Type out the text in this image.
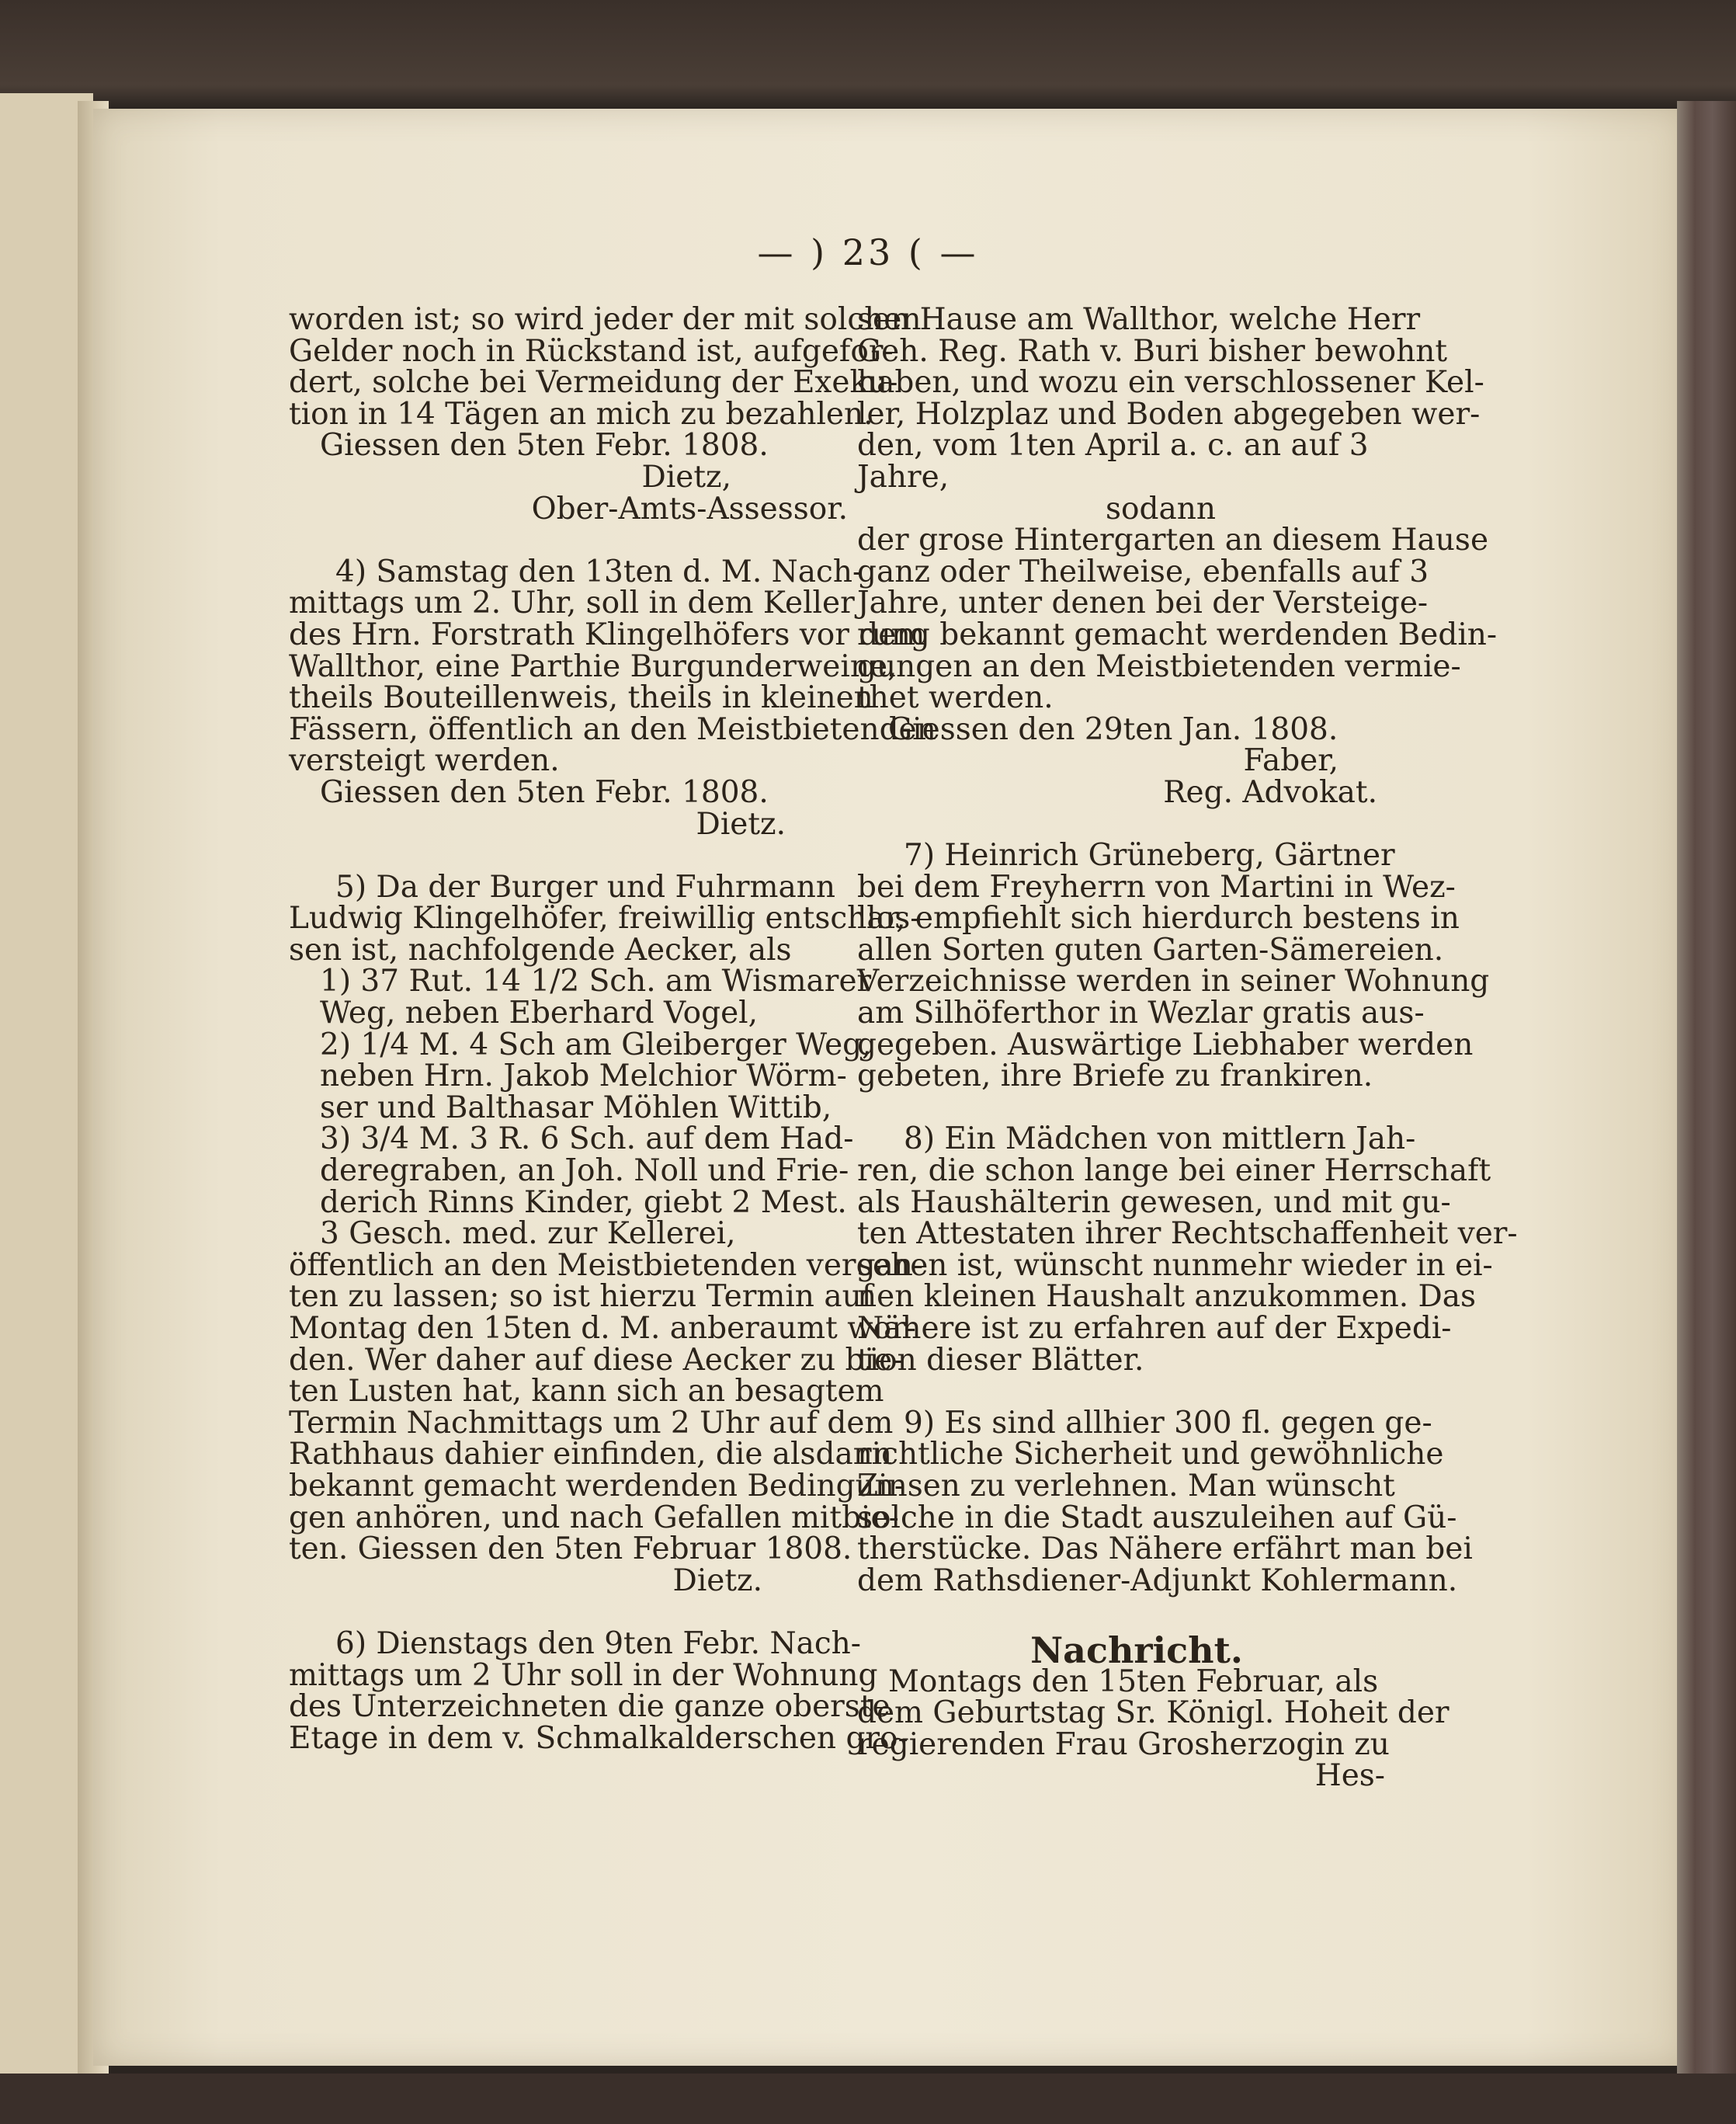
— ) 23 ( —

worden ist; so wird jeder der mit solchen

Gelder noch in Rückstand ist, aufgefor-

dert, solche bei Vermeidung der Exeku-

tion in 14 Tägen an mich zu bezahlen.

Giessen den 5ten Febr. 1808.

Dietz,

Ober-Amts-Assessor.

4) Samstag den 13ten d. M. Nach-

mittags um 2. Uhr, soll in dem Keller

des Hrn. Forstrath Klingelhöfers vor dem

Wallthor, eine Parthie Burgunderweine,

theils Bouteillenweis, theils in kleinen

Fässern, öffentlich an den Meistbietenden

versteigt werden.

Giessen den 5ten Febr. 1808.

Dietz.

5) Da der Burger und Fuhrmann

Ludwig Klingelhöfer, freiwillig entschlos-

sen ist, nachfolgende Aecker, als

1) 37 Rut. 14 1/2 Sch. am Wismarer

Weg, neben Eberhard Vogel,

2) 1/4 M. 4 Sch am Gleiberger Weg,

neben Hrn. Jakob Melchior Wörm-

ser und Balthasar Möhlen Wittib,

3) 3/4 M. 3 R. 6 Sch. auf dem Had-

deregraben, an Joh. Noll und Frie-

derich Rinns Kinder, giebt 2 Mest.

3 Gesch. med. zur Kellerei,

öffentlich an den Meistbietenden vergan-

ten zu lassen; so ist hierzu Termin auf

Montag den 15ten d. M. anberaumt wor-

den. Wer daher auf diese Aecker zu bie-

ten Lusten hat, kann sich an besagtem

Termin Nachmittags um 2 Uhr auf dem

Rathhaus dahier einfinden, die alsdann

bekannt gemacht werdenden Bedingun-

gen anhören, und nach Gefallen mitbie-

ten. Giessen den 5ten Februar 1808.

Dietz.

6) Dienstags den 9ten Febr. Nach-

mittags um 2 Uhr soll in der Wohnung

des Unterzeichneten die ganze oberste

Etage in dem v. Schmalkalderschen gro-

sen Hause am Wallthor, welche Herr

Geh. Reg. Rath v. Buri bisher bewohnt

haben, und wozu ein verschlossener Kel-

ler, Holzplaz und Boden abgegeben wer-

den, vom 1ten April a. c. an auf 3

Jahre,

sodann

der grose Hintergarten an diesem Hause

ganz oder Theilweise, ebenfalls auf 3

Jahre, unter denen bei der Versteige-

rung bekannt gemacht werdenden Bedin-

gungen an den Meistbietenden vermie-

thet werden.

Giessen den 29ten Jan. 1808.

Faber,

Reg. Advokat.

7) Heinrich Grüneberg, Gärtner

bei dem Freyherrn von Martini in Wez-

lar, empfiehlt sich hierdurch bestens in

allen Sorten guten Garten-Sämereien.

Verzeichnisse werden in seiner Wohnung

am Silhöferthor in Wezlar gratis aus-

gegeben. Auswärtige Liebhaber werden

gebeten, ihre Briefe zu frankiren.

8) Ein Mädchen von mittlern Jah-

ren, die schon lange bei einer Herrschaft

als Haushälterin gewesen, und mit gu-

ten Attestaten ihrer Rechtschaffenheit ver-

sehen ist, wünscht nunmehr wieder in ei-

nen kleinen Haushalt anzukommen. Das

Nähere ist zu erfahren auf der Expedi-

tion dieser Blätter.

9) Es sind allhier 300 fl. gegen ge-

richtliche Sicherheit und gewöhnliche

Zinsen zu verlehnen. Man wünscht

solche in die Stadt auszuleihen auf Gü-

therstücke. Das Nähere erfährt man bei

dem Rathsdiener-Adjunkt Kohlermann.

Nachricht.

Montags den 15ten Februar, als

dem Geburtstag Sr. Königl. Hoheit der

regierenden Frau Grosherzogin zu

Hes-
